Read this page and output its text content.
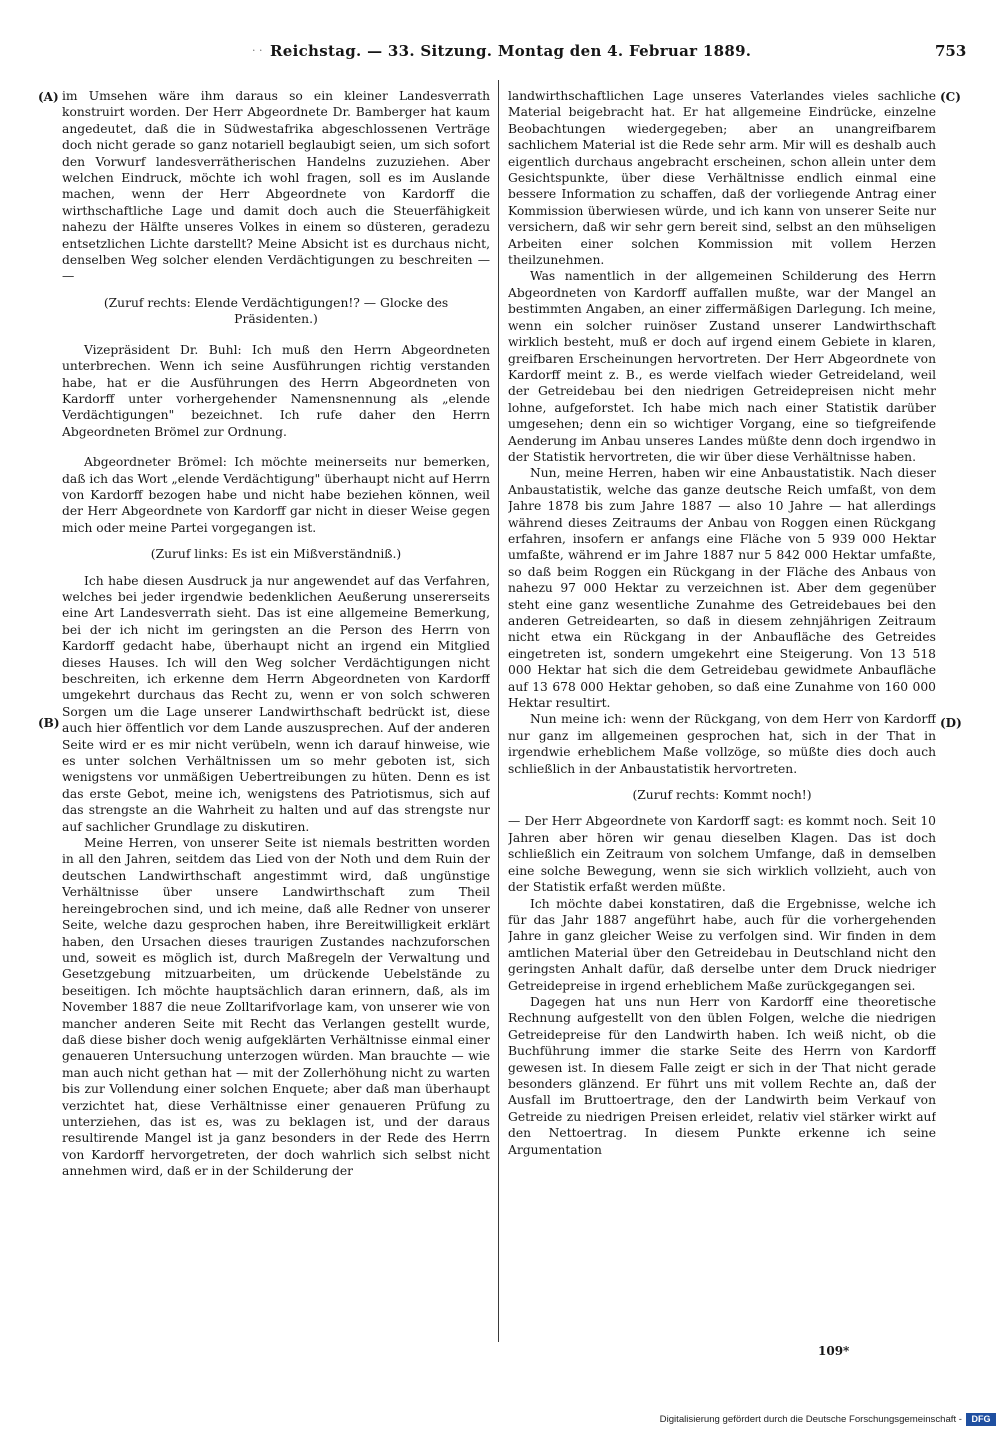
· · Reichstag. — 33. Sitzung. Montag den 4. Februar 1889.	753
(A)
(B)
(C)
(D)

im Umsehen wäre ihm daraus so ein kleiner Landesverrath konstruirt worden. Der Herr Abgeordnete Dr. Bamberger hat kaum angedeutet, daß die in Südwestafrika abgeschlossenen Verträge doch nicht gerade so ganz notariell beglaubigt seien, um sich sofort den Vorwurf landesverrätherischen Handelns zuzuziehen. Aber welchen Eindruck, möchte ich wohl fragen, soll es im Auslande machen, wenn der Herr Abgeordnete von Kardorff die wirthschaftliche Lage und damit doch auch die Steuerfähigkeit nahezu der Hälfte unseres Volkes in einem so düsteren, geradezu entsetzlichen Lichte darstellt? Meine Absicht ist es durchaus nicht, denselben Weg solcher elenden Verdächtigungen zu beschreiten — —

(Zuruf rechts: Elende Verdächtigungen!? — Glocke des Präsidenten.)

Vizepräsident Dr. Buhl: Ich muß den Herrn Abgeordneten unterbrechen. Wenn ich seine Ausführungen richtig verstanden habe, hat er die Ausführungen des Herrn Abgeordneten von Kardorff unter vorhergehender Namensnennung als „elende Verdächtigungen" bezeichnet. Ich rufe daher den Herrn Abgeordneten Brömel zur Ordnung.

Abgeordneter Brömel: Ich möchte meinerseits nur bemerken, daß ich das Wort „elende Verdächtigung" überhaupt nicht auf Herrn von Kardorff bezogen habe und nicht habe beziehen können, weil der Herr Abgeordnete von Kardorff gar nicht in dieser Weise gegen mich oder meine Partei vorgegangen ist.

(Zuruf links: Es ist ein Mißverständniß.)

Ich habe diesen Ausdruck ja nur angewendet auf das Verfahren, welches bei jeder irgendwie bedenklichen Aeußerung unsererseits eine Art Landesverrath sieht. Das ist eine allgemeine Bemerkung, bei der ich nicht im geringsten an die Person des Herrn von Kardorff gedacht habe, überhaupt nicht an irgend ein Mitglied dieses Hauses. Ich will den Weg solcher Verdächtigungen nicht beschreiten, ich erkenne dem Herrn Abgeordneten von Kardorff umgekehrt durchaus das Recht zu, wenn er von solch schweren Sorgen um die Lage unserer Landwirthschaft bedrückt ist, diese auch hier öffentlich vor dem Lande auszusprechen. Auf der anderen Seite wird er es mir nicht verübeln, wenn ich darauf hinweise, wie es unter solchen Verhältnissen um so mehr geboten ist, sich wenigstens vor unmäßigen Uebertreibungen zu hüten. Denn es ist das erste Gebot, meine ich, wenigstens des Patriotismus, sich auf das strengste an die Wahrheit zu halten und auf das strengste nur auf sachlicher Grundlage zu diskutiren.

Meine Herren, von unserer Seite ist niemals bestritten worden in all den Jahren, seitdem das Lied von der Noth und dem Ruin der deutschen Landwirthschaft angestimmt wird, daß ungünstige Verhältnisse über unsere Landwirthschaft zum Theil hereingebrochen sind, und ich meine, daß alle Redner von unserer Seite, welche dazu gesprochen haben, ihre Bereitwilligkeit erklärt haben, den Ursachen dieses traurigen Zustandes nachzuforschen und, soweit es möglich ist, durch Maßregeln der Verwaltung und Gesetzgebung mitzuarbeiten, um drückende Uebelstände zu beseitigen. Ich möchte hauptsächlich daran erinnern, daß, als im November 1887 die neue Zolltarifvorlage kam, von unserer wie von mancher anderen Seite mit Recht das Verlangen gestellt wurde, daß diese bisher doch wenig aufgeklärten Verhältnisse einmal einer genaueren Untersuchung unterzogen würden. Man brauchte — wie man auch nicht gethan hat — mit der Zollerhöhung nicht zu warten bis zur Vollendung einer solchen Enquete; aber daß man überhaupt verzichtet hat, diese Verhältnisse einer genaueren Prüfung zu unterziehen, das ist es, was zu beklagen ist, und der daraus resultirende Mangel ist ja ganz besonders in der Rede des Herrn von Kardorff hervorgetreten, der doch wahrlich sich selbst nicht annehmen wird, daß er in der Schilderung der

landwirthschaftlichen Lage unseres Vaterlandes vieles sachliche Material beigebracht hat. Er hat allgemeine Eindrücke, einzelne Beobachtungen wiedergegeben; aber an unangreifbarem sachlichem Material ist die Rede sehr arm. Mir will es deshalb auch eigentlich durchaus angebracht erscheinen, schon allein unter dem Gesichtspunkte, über diese Verhältnisse endlich einmal eine bessere Information zu schaffen, daß der vorliegende Antrag einer Kommission überwiesen würde, und ich kann von unserer Seite nur versichern, daß wir sehr gern bereit sind, selbst an den mühseligen Arbeiten einer solchen Kommission mit vollem Herzen theilzunehmen.

Was namentlich in der allgemeinen Schilderung des Herrn Abgeordneten von Kardorff auffallen mußte, war der Mangel an bestimmten Angaben, an einer ziffermäßigen Darlegung. Ich meine, wenn ein solcher ruinöser Zustand unserer Landwirthschaft wirklich besteht, muß er doch auf irgend einem Gebiete in klaren, greifbaren Erscheinungen hervortreten. Der Herr Abgeordnete von Kardorff meint z. B., es werde vielfach wieder Getreideland, weil der Getreidebau bei den niedrigen Getreidepreisen nicht mehr lohne, aufgeforstet. Ich habe mich nach einer Statistik darüber umgesehen; denn ein so wichtiger Vorgang, eine so tiefgreifende Aenderung im Anbau unseres Landes müßte denn doch irgendwo in der Statistik hervortreten, die wir über diese Verhältnisse haben.

Nun, meine Herren, haben wir eine Anbaustatistik. Nach dieser Anbaustatistik, welche das ganze deutsche Reich umfaßt, von dem Jahre 1878 bis zum Jahre 1887 — also 10 Jahre — hat allerdings während dieses Zeitraums der Anbau von Roggen einen Rückgang erfahren, insofern er anfangs eine Fläche von 5 939 000 Hektar umfaßte, während er im Jahre 1887 nur 5 842 000 Hektar umfaßte, so daß beim Roggen ein Rückgang in der Fläche des Anbaus von nahezu 97 000 Hektar zu verzeichnen ist. Aber dem gegenüber steht eine ganz wesentliche Zunahme des Getreidebaues bei den anderen Getreidearten, so daß in diesem zehnjährigen Zeitraum nicht etwa ein Rückgang in der Anbaufläche des Getreides eingetreten ist, sondern umgekehrt eine Steigerung. Von 13 518 000 Hektar hat sich die dem Getreidebau gewidmete Anbaufläche auf 13 678 000 Hektar gehoben, so daß eine Zunahme von 160 000 Hektar resultirt.

Nun meine ich: wenn der Rückgang, von dem Herr von Kardorff nur ganz im allgemeinen gesprochen hat, sich in der That in irgendwie erheblichem Maße vollzöge, so müßte dies doch auch schließlich in der Anbaustatistik hervortreten.

(Zuruf rechts: Kommt noch!)

— Der Herr Abgeordnete von Kardorff sagt: es kommt noch. Seit 10 Jahren aber hören wir genau dieselben Klagen. Das ist doch schließlich ein Zeitraum von solchem Umfange, daß in demselben eine solche Bewegung, wenn sie sich wirklich vollzieht, auch von der Statistik erfaßt werden müßte.

Ich möchte dabei konstatiren, daß die Ergebnisse, welche ich für das Jahr 1887 angeführt habe, auch für die vorhergehenden Jahre in ganz gleicher Weise zu verfolgen sind. Wir finden in dem amtlichen Material über den Getreidebau in Deutschland nicht den geringsten Anhalt dafür, daß derselbe unter dem Druck niedriger Getreidepreise in irgend erheblichem Maße zurückgegangen sei.

Dagegen hat uns nun Herr von Kardorff eine theoretische Rechnung aufgestellt von den üblen Folgen, welche die niedrigen Getreidepreise für den Landwirth haben. Ich weiß nicht, ob die Buchführung immer die starke Seite des Herrn von Kardorff gewesen ist. In diesem Falle zeigt er sich in der That nicht gerade besonders glänzend. Er führt uns mit vollem Rechte an, daß der Ausfall im Bruttoertrage, den der Landwirth beim Verkauf von Getreide zu niedrigen Preisen erleidet, relativ viel stärker wirkt auf den Nettoertrag. In diesem Punkte erkenne ich seine Argumentation

109*
Digitalisierung gefördert durch die Deutsche Forschungsgemeinschaft -	DFG
